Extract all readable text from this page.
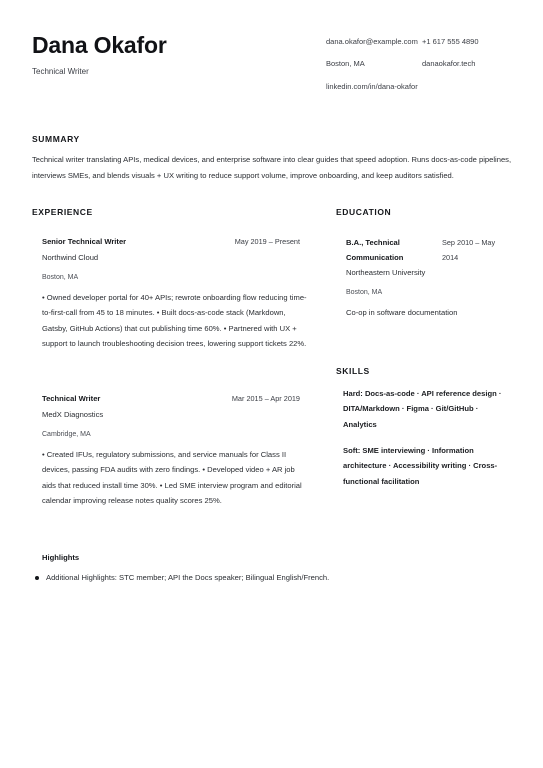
Dana Okafor
Technical Writer
dana.okafor@example.com +1 617 555 4890
Boston, MA	danaokafor.tech
linkedin.com/in/dana-okafor
SUMMARY
Technical writer translating APIs, medical devices, and enterprise software into clear guides that speed adoption. Runs docs-as-code pipelines, interviews SMEs, and blends visuals + UX writing to reduce support volume, improve onboarding, and keep auditors satisfied.
EXPERIENCE
Senior Technical Writer	May 2019 – Present
Northwind Cloud
Boston, MA
• Owned developer portal for 40+ APIs; rewrote onboarding flow reducing time-to-first-call from 45 to 18 minutes. • Built docs-as-code stack (Markdown, Gatsby, GitHub Actions) that cut publishing time 60%. • Partnered with UX + support to launch troubleshooting decision trees, lowering support tickets 22%.
Technical Writer	Mar 2015 – Apr 2019
MedX Diagnostics
Cambridge, MA
• Created IFUs, regulatory submissions, and service manuals for Class II devices, passing FDA audits with zero findings. • Developed video + AR job aids that reduced install time 30%. • Led SME interview program and editorial calendar improving release notes quality scores 25%.
EDUCATION
B.A., Technical Communication
Sep 2010 – May 2014
Northeastern University
Boston, MA
Co-op in software documentation
SKILLS
Hard: Docs-as-code · API reference design · DITA/Markdown · Figma · Git/GitHub · Analytics
Soft: SME interviewing · Information architecture · Accessibility writing · Cross-functional facilitation
Highlights
Additional Highlights: STC member; API the Docs speaker; Bilingual English/French.
